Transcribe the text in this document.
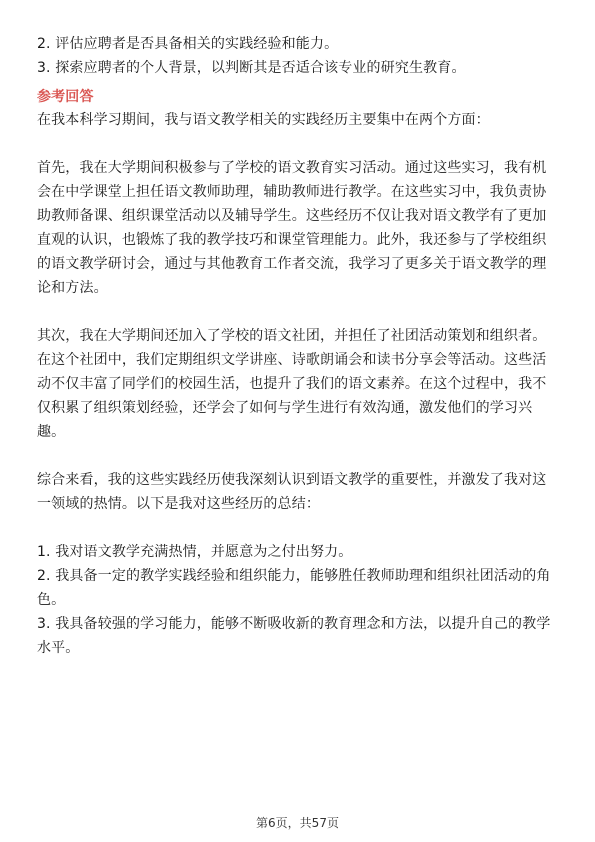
2. 评估应聘者是否具备相关的实践经验和能力。
3. 探索应聘者的个人背景，以判断其是否适合该专业的研究生教育。
参考回答
在我本科学习期间，我与语文教学相关的实践经历主要集中在两个方面：
首先，我在大学期间积极参与了学校的语文教育实习活动。通过这些实习，我有机
会在中学课堂上担任语文教师助理，辅助教师进行教学。在这些实习中，我负责协
助教师备课、组织课堂活动以及辅导学生。这些经历不仅让我对语文教学有了更加
直观的认识，也锻炼了我的教学技巧和课堂管理能力。此外，我还参与了学校组织
的语文教学研讨会，通过与其他教育工作者交流，我学习了更多关于语文教学的理
论和方法。
其次，我在大学期间还加入了学校的语文社团，并担任了社团活动策划和组织者。
在这个社团中，我们定期组织文学讲座、诗歌朗诵会和读书分享会等活动。这些活
动不仅丰富了同学们的校园生活，也提升了我们的语文素养。在这个过程中，我不
仅积累了组织策划经验，还学会了如何与学生进行有效沟通，激发他们的学习兴
趣。
综合来看，我的这些实践经历使我深刻认识到语文教学的重要性，并激发了我对这
一领域的热情。以下是我对这些经历的总结：
1. 我对语文教学充满热情，并愿意为之付出努力。
2. 我具备一定的教学实践经验和组织能力，能够胜任教师助理和组织社团活动的角
色。
3. 我具备较强的学习能力，能够不断吸收新的教育理念和方法，以提升自己的教学
水平。
第6页，共57页
